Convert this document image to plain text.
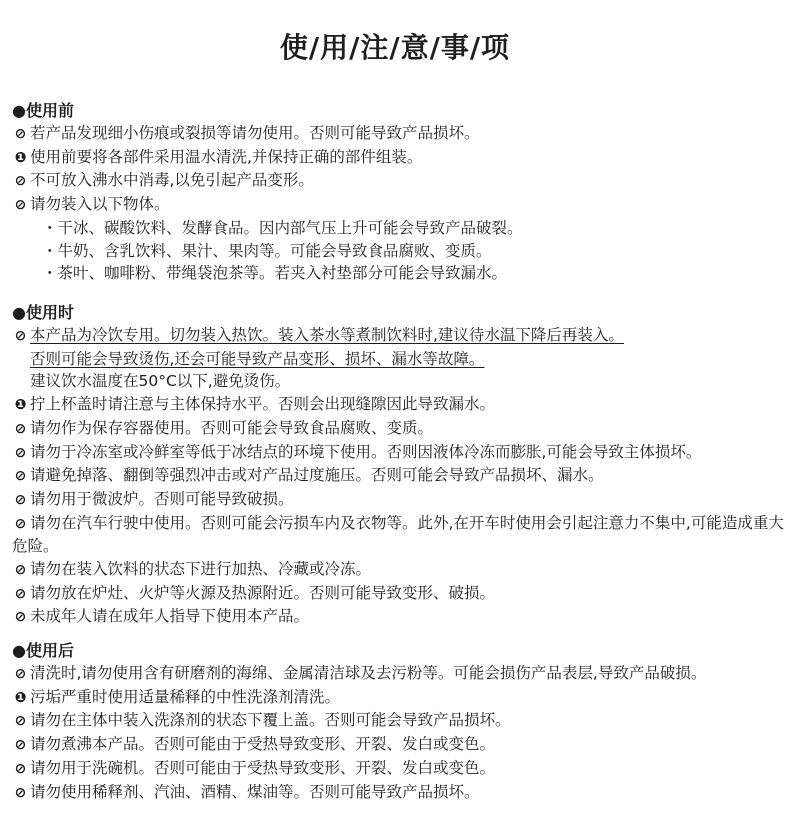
使/用/注/意/事/项
●使用前
⊘ 若产品发现细小伤痕或裂损等请勿使用。否则可能导致产品损坏。
❶ 使用前要将各部件采用温水清洗,并保持正确的部件组装。
⊘ 不可放入沸水中消毒,以免引起产品变形。
⊘ 请勿装入以下物体。
・干冰、碳酸饮料、发酵食品。因内部气压上升可能会导致产品破裂。
・牛奶、含乳饮料、果汁、果肉等。可能会导致食品腐败、变质。
・茶叶、咖啡粉、带绳袋泡茶等。若夹入衬垫部分可能会导致漏水。
●使用时
⊘ 本产品为冷饮专用。切勿装入热饮。装入茶水等煮制饮料时,建议待水温下降后再装入。
否则可能会导致烫伤,还会可能导致产品变形、损坏、漏水等故障。
建议饮水温度在50°C以下,避免烫伤。
❶ 拧上杯盖时请注意与主体保持水平。否则会出现缝隙因此导致漏水。
⊘ 请勿作为保存容器使用。否则可能会导致食品腐败、变质。
⊘ 请勿于冷冻室或冷鲜室等低于冰结点的环境下使用。否则因液体冷冻而膨胀,可能会导致主体损坏。
⊘ 请避免掉落、翻倒等强烈冲击或对产品过度施压。否则可能会导致产品损坏、漏水。
⊘ 请勿用于微波炉。否则可能导致破损。
⊘ 请勿在汽车行驶中使用。否则可能会污损车内及衣物等。此外,在开车时使用会引起注意力不集中,可能造成重大危险。
⊘ 请勿在装入饮料的状态下进行加热、冷藏或冷冻。
⊘ 请勿放在炉灶、火炉等火源及热源附近。否则可能导致变形、破损。
⊘ 未成年人请在成年人指导下使用本产品。
●使用后
⊘ 清洗时,请勿使用含有研磨剂的海绵、金属清洁球及去污粉等。可能会损伤产品表层,导致产品破损。
❶ 污垢严重时使用适量稀释的中性洗涤剂清洗。
⊘ 请勿在主体中装入洗涤剂的状态下覆上盖。否则可能会导致产品损坏。
⊘ 请勿煮沸本产品。否则可能由于受热导致变形、开裂、发白或变色。
⊘ 请勿用于洗碗机。否则可能由于受热导致变形、开裂、发白或变色。
⊘ 请勿使用稀释剂、汽油、酒精、煤油等。否则可能导致产品损坏。
